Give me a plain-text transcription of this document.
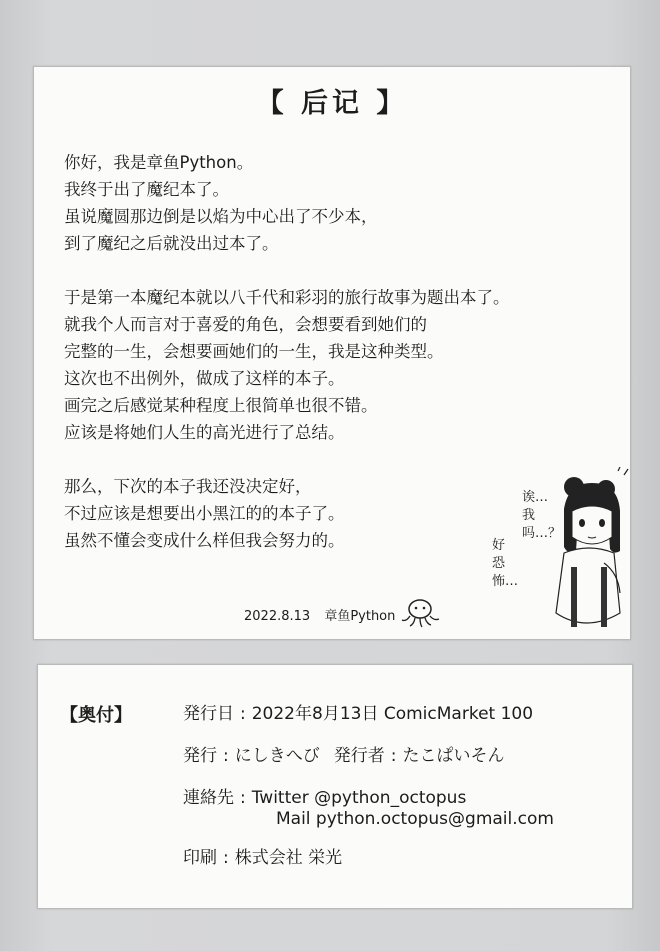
【 后记 】
你好，我是章鱼Python。
我终于出了魔纪本了。
虽说魔圆那边倒是以焰为中心出了不少本，
到了魔纪之后就没出过本了。
于是第一本魔纪本就以八千代和彩羽的旅行故事为题出本了。
就我个人而言对于喜爱的角色，会想要看到她们的
完整的一生，会想要画她们的一生，我是这种类型。
这次也不出例外，做成了这样的本子。
画完之后感觉某种程度上很简单也很不错。
应该是将她们人生的高光进行了总结。
那么，下次的本子我还没决定好，
不过应该是想要出小黑江的的本子了。
虽然不懂会变成什么样但我会努力的。
2022.8.13 章鱼Python
诶…我吗…？
好恐怖…
【奥付】	発行日 : 2022年8月13日 ComicMarket 100
発行 : にしきへび 発行者 : たこぱいそん
連絡先 : Twitter @python_octopus
Mail python.octopus@gmail.com
印刷 : 株式会社 栄光
